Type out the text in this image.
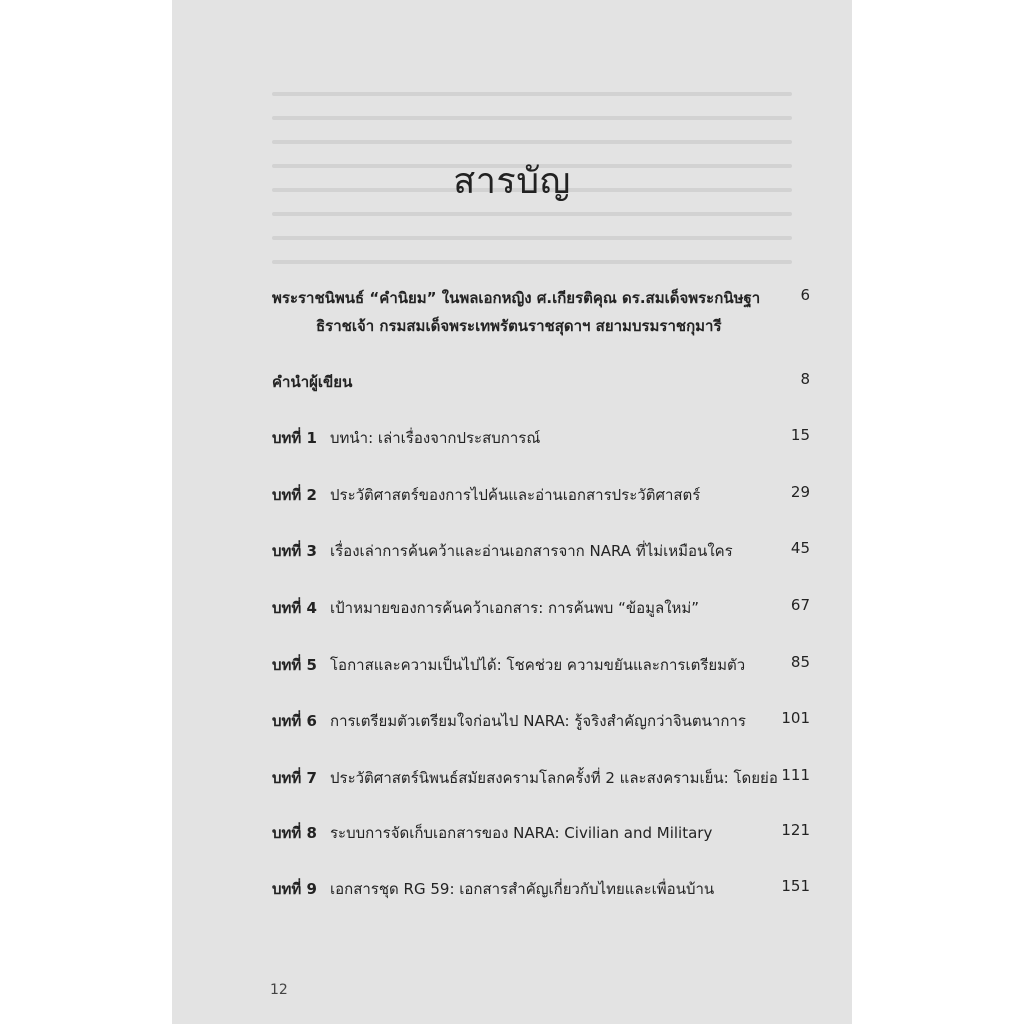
สารบัญ
พระราชนิพนธ์ “คำนิยม” ในพลเอกหญิง ศ.เกียรติคุณ ดร.สมเด็จพระกนิษฐา
ธิราชเจ้า กรมสมเด็จพระเทพรัตนราชสุดาฯ สยามบรมราชกุมารี
6
คำนำผู้เขียน	8
บทที่ 1 บทนำ: เล่าเรื่องจากประสบการณ์	15
บทที่ 2 ประวัติศาสตร์ของการไปค้นและอ่านเอกสารประวัติศาสตร์	29
บทที่ 3 เรื่องเล่าการค้นคว้าและอ่านเอกสารจาก NARA ที่ไม่เหมือนใคร	45
บทที่ 4 เป้าหมายของการค้นคว้าเอกสาร: การค้นพบ “ข้อมูลใหม่”	67
บทที่ 5 โอกาสและความเป็นไปได้: โชคช่วย ความขยันและการเตรียมตัว	85
บทที่ 6 การเตรียมตัวเตรียมใจก่อนไป NARA: รู้จริงสำคัญกว่าจินตนาการ 101
บทที่ 7 ประวัติศาสตร์นิพนธ์สมัยสงครามโลกครั้งที่ 2 และสงครามเย็น: โดยย่อ 111
บทที่ 8 ระบบการจัดเก็บเอกสารของ NARA: Civilian and Military	121
บทที่ 9 เอกสารชุด RG 59: เอกสารสำคัญเกี่ยวกับไทยและเพื่อนบ้าน	151
12
